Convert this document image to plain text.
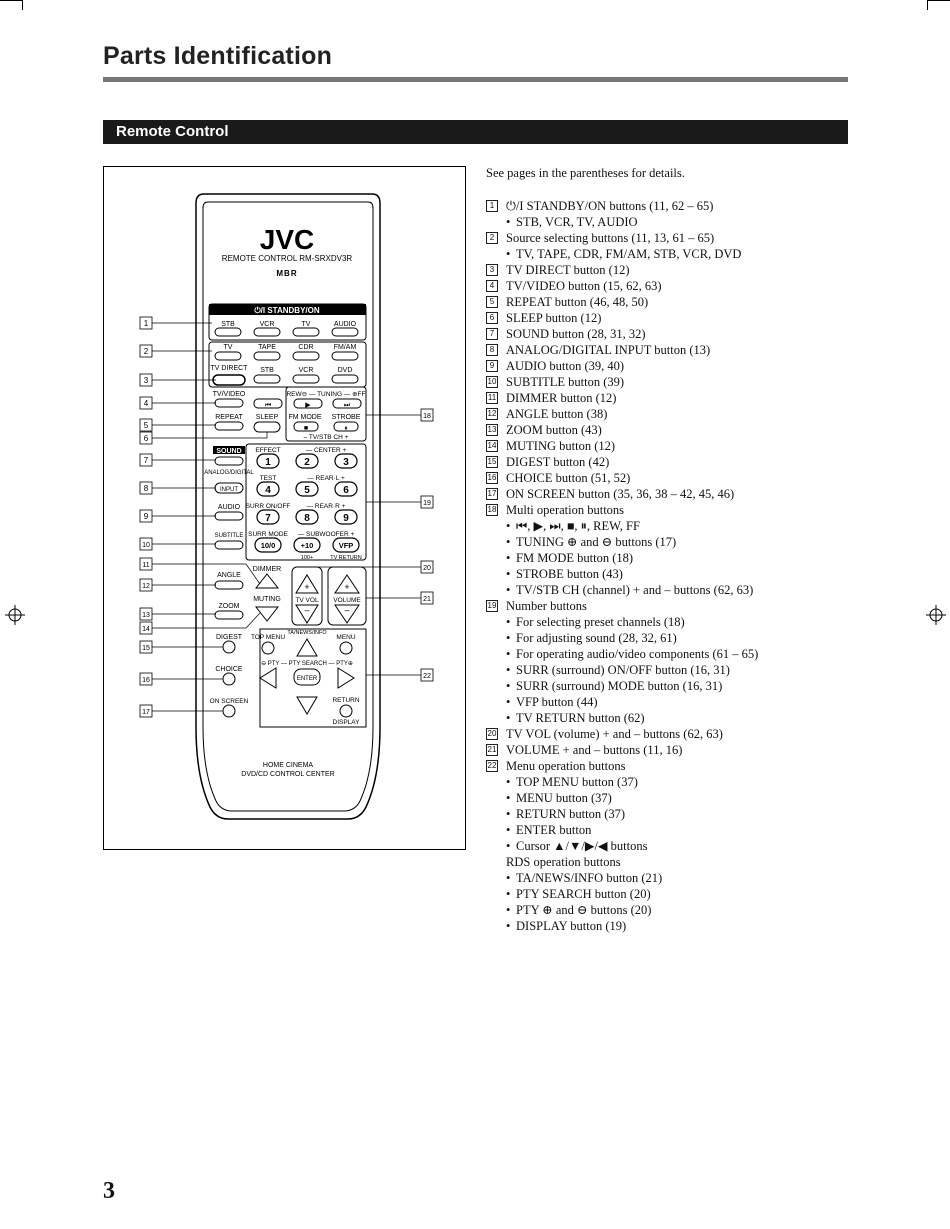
Parts Identification
Remote Control
⏻/I STANDBY/ON
JVC
REMOTE CONTROL RM-SRXDV3R
MBR
STB	VCR	TV	AUDIO
TV	TAPE	CDR	FM/AM
TV DIRECT STB	VCR	DVD
TV/VIDEO
REPEAT SLEEP
REW⊖ — TUNING — ⊕FF
⏮	▶	⏭
FM MODE
■
STROBE
⏸
– TV/STB CH +
SOUND
ANALOG/DIGITAL
INPUT
AUDIO
SUBTITLE
EFFECT	— CENTER +
TEST	— REAR·L +
SURR ON/OFF — REAR·R +
SURR MODE — SUBWOOFER +
1	2	3
4	5	6
7	8	9
10/0	+10	VFP
100+	TV RETURN
DIMMER
MUTING
ANGLE
ZOOM
+
TV VOL
–
+
VOLUME
–
DIGEST
CHOICE
ON SCREEN
TOP MENU
TA/NEWS/INFO
MENU
⊖ PTY — PTY SEARCH — PTY⊕
ENTER
RETURN
DISPLAY
HOME CINEMA
DVD/CD CONTROL CENTER
1
2
3
4
5
6
7
8
9
10
11
12
13
14
15
16
17
18
19
20
21
22
See pages in the parentheses for details.
1 ⏻/I STANDBY/ON buttons (11, 62 – 65)
• STB, VCR, TV, AUDIO
2 Source selecting buttons (11, 13, 61 – 65)
• TV, TAPE, CDR, FM/AM, STB, VCR, DVD
3 TV DIRECT button (12)
4 TV/VIDEO button (15, 62, 63)
5 REPEAT button (46, 48, 50)
6 SLEEP button (12)
7 SOUND button (28, 31, 32)
8 ANALOG/DIGITAL INPUT button (13)
9 AUDIO button (39, 40)
10 SUBTITLE button (39)
11 DIMMER button (12)
12 ANGLE button (38)
13 ZOOM button (43)
14 MUTING button (12)
15 DIGEST button (42)
16 CHOICE button (51, 52)
17 ON SCREEN button (35, 36, 38 – 42, 45, 46)
18 Multi operation buttons
• ⏮, ▶, ⏭, ■, ⏸, REW, FF
• TUNING ⊕ and ⊖ buttons (17)
• FM MODE button (18)
• STROBE button (43)
• TV/STB CH (channel) + and – buttons (62, 63)
19 Number buttons
• For selecting preset channels (18)
• For adjusting sound (28, 32, 61)
• For operating audio/video components (61 – 65)
• SURR (surround) ON/OFF button (16, 31)
• SURR (surround) MODE button (16, 31)
• VFP button (44)
• TV RETURN button (62)
20 TV VOL (volume) + and – buttons (62, 63)
21 VOLUME + and – buttons (11, 16)
22 Menu operation buttons
• TOP MENU button (37)
• MENU button (37)
• RETURN button (37)
• ENTER button
• Cursor ▲/▼/▶/◀ buttons
RDS operation buttons
• TA/NEWS/INFO button (21)
• PTY SEARCH button (20)
• PTY ⊕ and ⊖ buttons (20)
• DISPLAY button (19)
3
